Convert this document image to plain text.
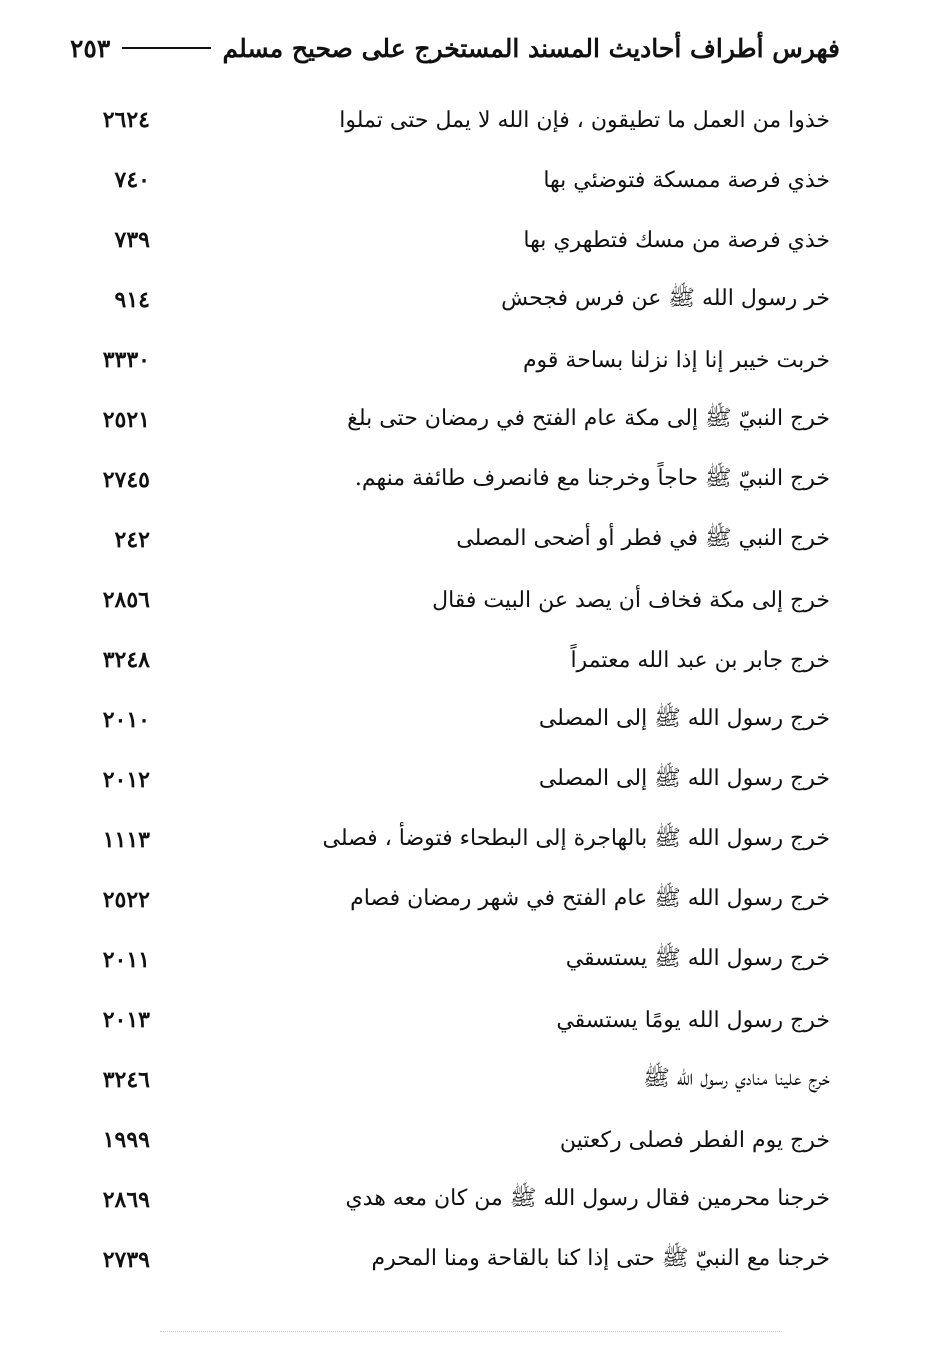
فهرس أطراف أحاديث المسند المستخرج على صحيح مسلم
٢٥٣
خذوا من العمل ما تطيقون ، فإن الله لا يمل حتى تملوا
٢٦٢٤
خذي فرصة ممسكة فتوضئي بها
٧٤٠
خذي فرصة من مسك فتطهري بها
٧٣٩
خر رسول الله ﷺ عن فرس فجحش
٩١٤
خربت خيبر إنا إذا نزلنا بساحة قوم
٣٣٣٠
خرج النبيّ ﷺ إلى مكة عام الفتح في رمضان حتى بلغ
٢٥٢١
خرج النبيّ ﷺ حاجاً وخرجنا مع فانصرف طائفة منهم.
٢٧٤٥
خرج النبي ﷺ في فطر أو أضحى المصلى
٢٤٢
خرج إلى مكة فخاف أن يصد عن البيت فقال
٢٨٥٦
خرج جابر بن عبد الله معتمراً
٣٢٤٨
خرج رسول الله ﷺ إلى المصلى
٢٠١٠
خرج رسول الله ﷺ إلى المصلى
٢٠١٢
خرج رسول الله ﷺ بالهاجرة إلى البطحاء فتوضأ ، فصلى
١١١٣
خرج رسول الله ﷺ عام الفتح في شهر رمضان فصام
٢٥٢٢
خرج رسول الله ﷺ يستسقي
٢٠١١
خرج رسول الله يومًا يستسقي
٢٠١٣
خرج علينا منادي رسول الله ﷺ
٣٢٤٦
خرج يوم الفطر فصلى ركعتين
١٩٩٩
خرجنا محرمين فقال رسول الله ﷺ من كان معه هدي
٢٨٦٩
خرجنا مع النبيّ ﷺ حتى إذا كنا بالقاحة ومنا المحرم
٢٧٣٩
